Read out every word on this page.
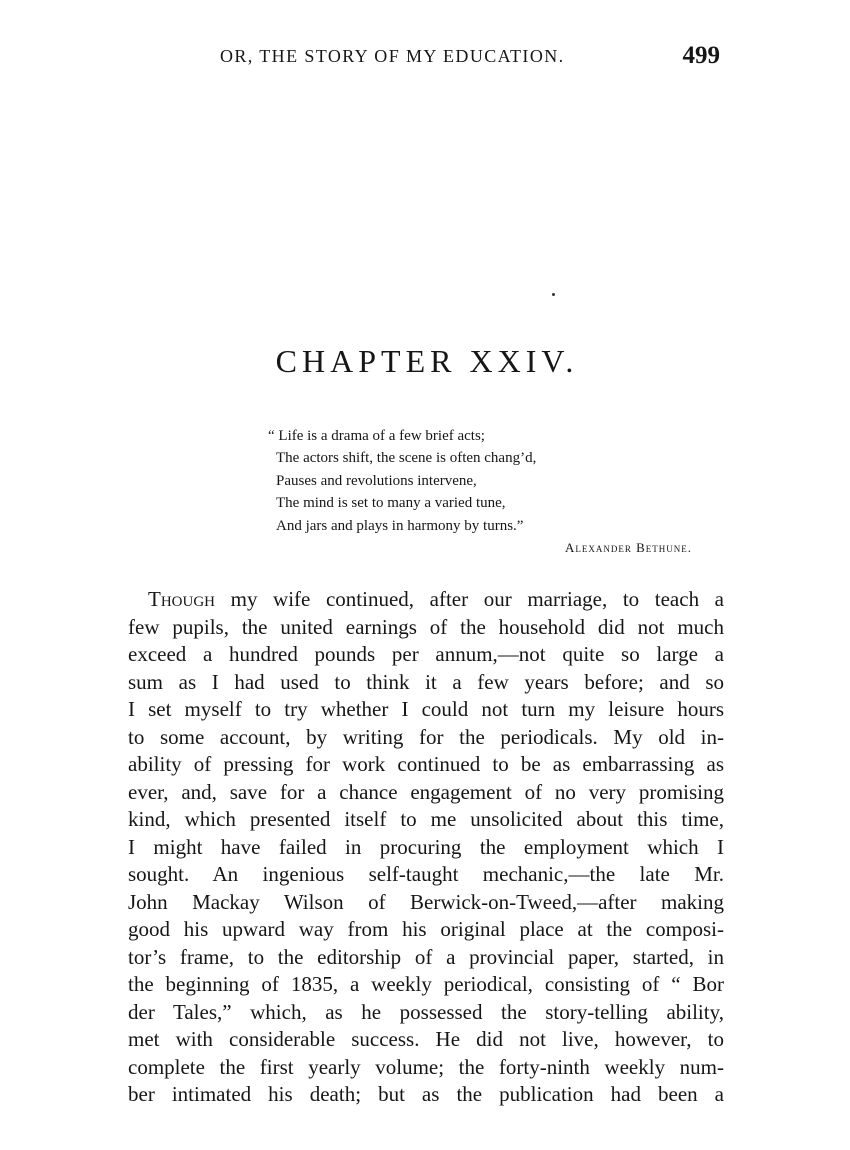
OR, THE STORY OF MY EDUCATION.	499
CHAPTER XXIV.
“ Life is a drama of a few brief acts;
The actors shift, the scene is often chang’d,
Pauses and revolutions intervene,
The mind is set to many a varied tune,
And jars and plays in harmony by turns.”
Alexander Bethune.
Though my wife continued, after our marriage, to teach a
few pupils, the united earnings of the household did not much
exceed a hundred pounds per annum,—not quite so large a
sum as I had used to think it a few years before; and so
I set myself to try whether I could not turn my leisure hours
to some account, by writing for the periodicals. My old in-
ability of pressing for work continued to be as embarrassing as
ever, and, save for a chance engagement of no very promising
kind, which presented itself to me unsolicited about this time,
I might have failed in procuring the employment which I
sought. An ingenious self-taught mechanic,—the late Mr.
John Mackay Wilson of Berwick-on-Tweed,—after making
good his upward way from his original place at the composi-
tor’s frame, to the editorship of a provincial paper, started, in
the beginning of 1835, a weekly periodical, consisting of “ Bor
der Tales,” which, as he possessed the story-telling ability,
met with considerable success. He did not live, however, to
complete the first yearly volume; the forty-ninth weekly num-
ber intimated his death; but as the publication had been a
